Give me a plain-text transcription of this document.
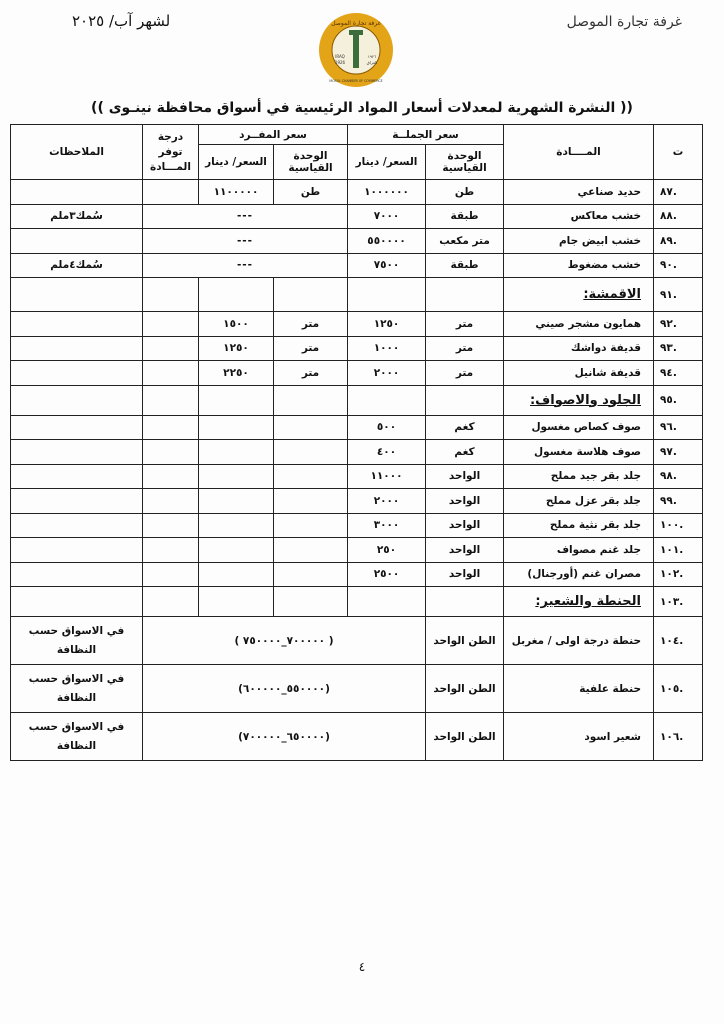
لشهر آب/ ٢٠٢٥	غرفة تجارة الموصل
غرفة تجارة الموصل
IRAQ
1926
١٩٢٦
العراق
MOSUL CHAMBER OF COMMERCE
(( النشرة الشهرية لمعدلات أسعار المواد الرئيسية في أسواق محافظة نينـوى ))
ت	المــــادة	سعر الجملــة		سعر المفــرد		درجة توفر المـــادة	الملاحظات
		الوحدة القياسية	السعر/ دينار	الوحدة القياسية	السعر/ دينار		
.٨٧	حديد صناعي	طن	١٠٠٠٠٠٠	طن	١١٠٠٠٠٠		
.٨٨	خشب معاكس	طبقة	٧٠٠٠	---			سُمك٣ملم
.٨٩	خشب ابيض جام	متر مكعب	٥٥٠٠٠٠	---			
.٩٠	خشب مضغوط	طبقة	٧٥٠٠	---			سُمك٤ملم
.٩١	الاقمشة:						
.٩٢	همايون مشجر صيني	متر	١٢٥٠	متر	١٥٠٠		
.٩٣	قديفة دواشك	متر	١٠٠٠	متر	١٢٥٠		
.٩٤	قديفة شانيل	متر	٢٠٠٠	متر	٢٢٥٠		
.٩٥	الجلود والاصواف:						
.٩٦	صوف كصاص مغسول	كغم	٥٠٠				
.٩٧	صوف هلاسة مغسول	كغم	٤٠٠				
.٩٨	جلد بقر جيد مملح	الواحد	١١٠٠٠				
.٩٩	جلد بقر عزل مملح	الواحد	٢٠٠٠				
.١٠٠	جلد بقر نثية مملح	الواحد	٣٠٠٠				
.١٠١	جلد غنم مصواف	الواحد	٢٥٠				
.١٠٢	مصران غنم (أورجنال)	الواحد	٢٥٠٠				
.١٠٣	الحنطة والشعير:						
.١٠٤	حنطة درجة اولى / مغربل	الطن الواحد	( ٧٠٠٠٠٠_٧٥٠٠٠٠ )				في الاسواق حسب النظافة
.١٠٥	حنطة علفية	الطن الواحد	(٥٥٠٠٠٠_٦٠٠٠٠٠)				في الاسواق حسب النظافة
.١٠٦	شعير اسود	الطن الواحد	(٦٥٠٠٠٠_٧٠٠٠٠٠)				في الاسواق حسب النظافة
٤
